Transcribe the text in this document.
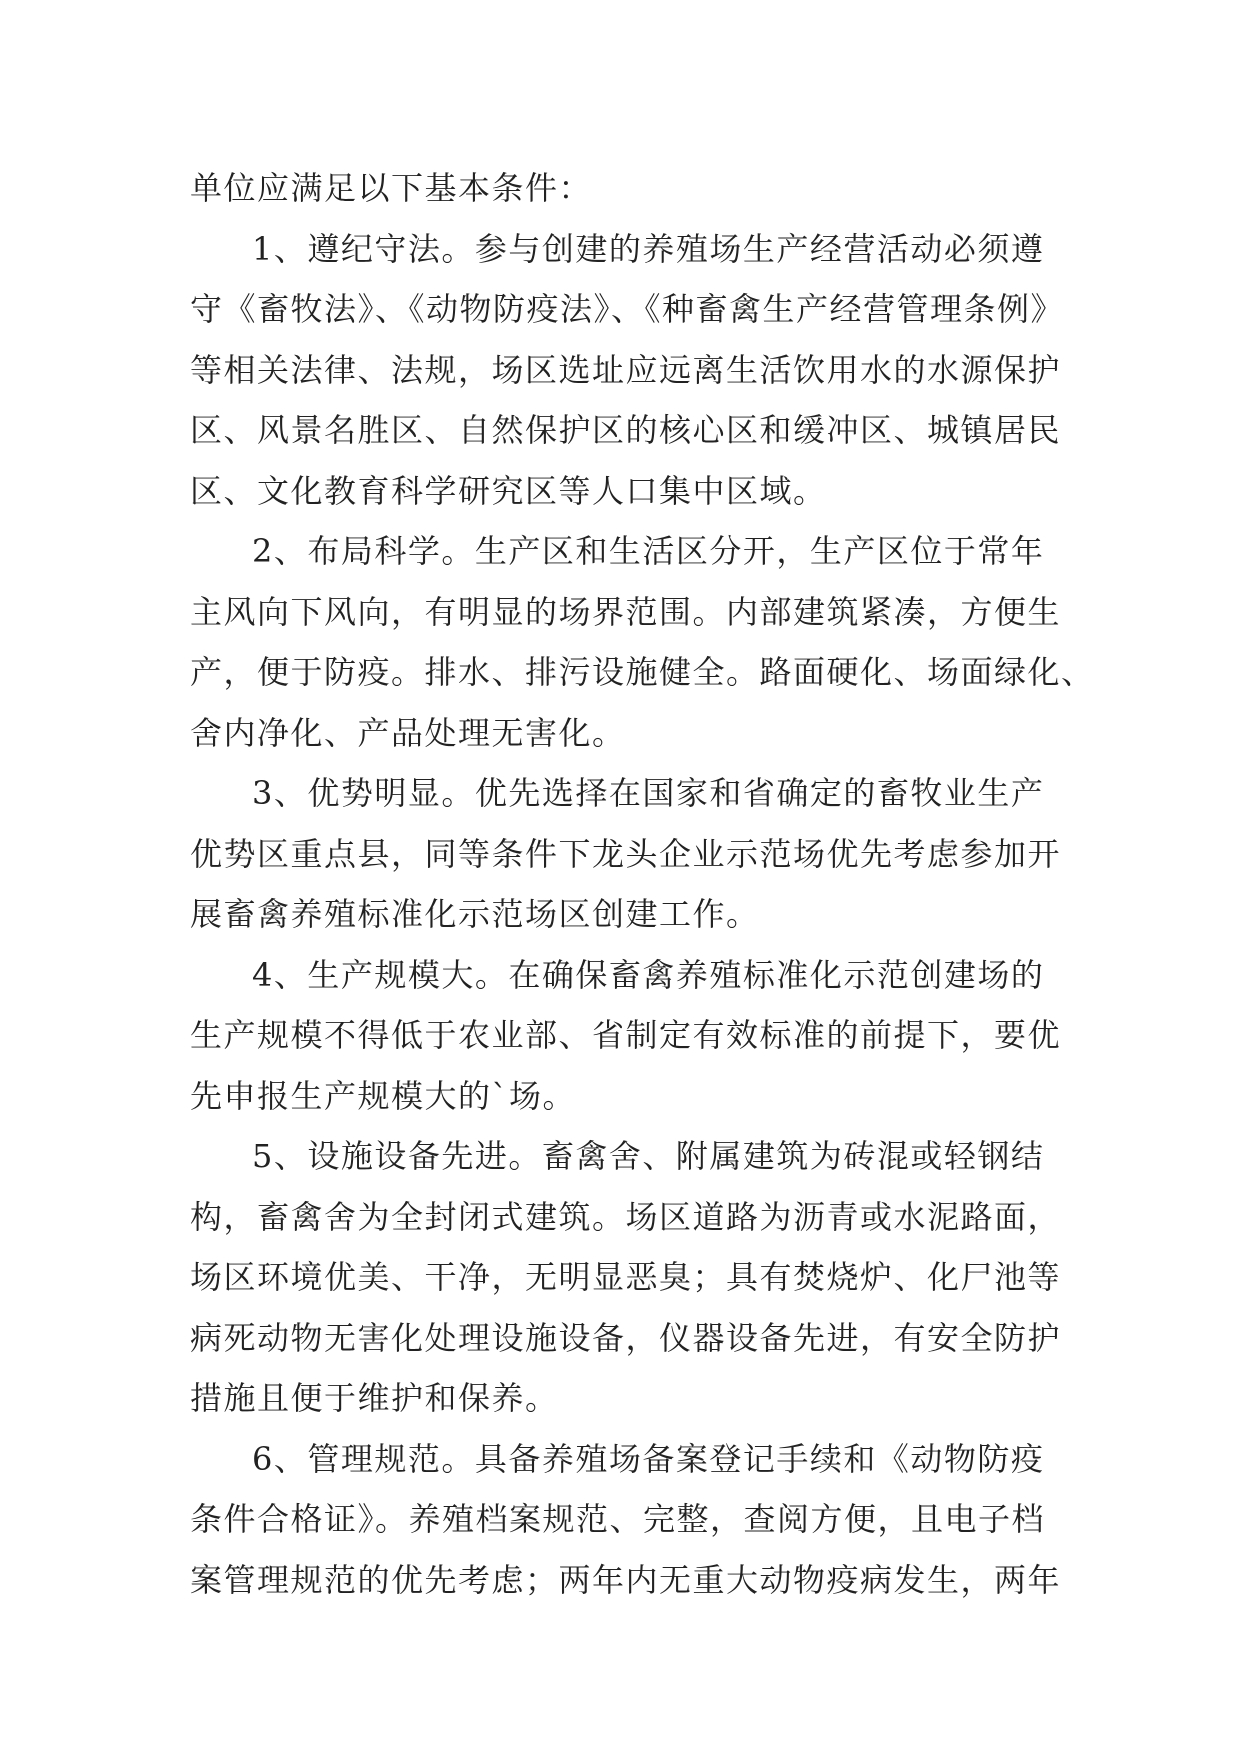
单位应满足以下基本条件：
1、遵纪守法。参与创建的养殖场生产经营活动必须遵
守《畜牧法》、《动物防疫法》、《种畜禽生产经营管理条例》
等相关法律、法规，场区选址应远离生活饮用水的水源保护
区、风景名胜区、自然保护区的核心区和缓冲区、城镇居民
区、文化教育科学研究区等人口集中区域。
2、布局科学。生产区和生活区分开，生产区位于常年
主风向下风向，有明显的场界范围。内部建筑紧凑，方便生
产，便于防疫。排水、排污设施健全。路面硬化、场面绿化、
舍内净化、产品处理无害化。
3、优势明显。优先选择在国家和省确定的畜牧业生产
优势区重点县，同等条件下龙头企业示范场优先考虑参加开
展畜禽养殖标准化示范场区创建工作。
4、生产规模大。在确保畜禽养殖标准化示范创建场的
生产规模不得低于农业部、省制定有效标准的前提下，要优
先申报生产规模大的`场。
5、设施设备先进。畜禽舍、附属建筑为砖混或轻钢结
构，畜禽舍为全封闭式建筑。场区道路为沥青或水泥路面，
场区环境优美、干净，无明显恶臭；具有焚烧炉、化尸池等
病死动物无害化处理设施设备，仪器设备先进，有安全防护
措施且便于维护和保养。
6、管理规范。具备养殖场备案登记手续和《动物防疫
条件合格证》。养殖档案规范、完整，查阅方便，且电子档
案管理规范的优先考虑；两年内无重大动物疫病发生，两年
